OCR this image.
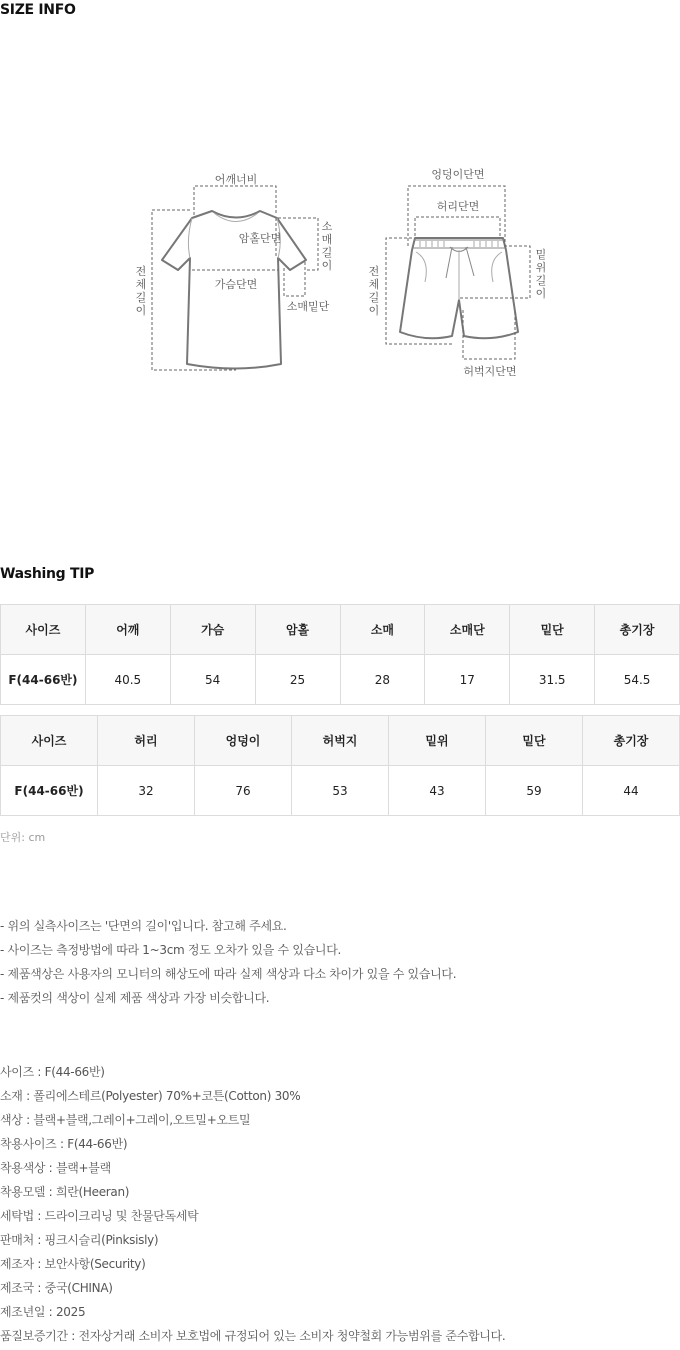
SIZE INFO
어깨너비
암홀단면
가슴단면
소매밑단
소
매
길
이
전
체
길
이
엉덩이단면
허리단면
허벅지단면
밑
위
길
이
전
체
길
이
Washing TIP
사이즈	어깨	가슴	암홀	소매	소매단	밑단	총기장
F(44-66반)	40.5	54	25	28	17	31.5	54.5
사이즈	허리	엉덩이	허벅지	밑위	밑단	총기장
F(44-66반)	32	76	53	43	59	44
단위: cm
- 위의 실측사이즈는 '단면의 길이'입니다. 참고해 주세요.
- 사이즈는 측정방법에 따라 1~3cm 정도 오차가 있을 수 있습니다.
- 제품색상은 사용자의 모니터의 해상도에 따라 실제 색상과 다소 차이가 있을 수 있습니다.
- 제품컷의 색상이 실제 제품 색상과 가장 비슷합니다.
사이즈 : F(44-66반)
소재 : 폴리에스테르(Polyester) 70%+코튼(Cotton) 30%
색상 : 블랙+블랙,그레이+그레이,오트밀+오트밀
착용사이즈 : F(44-66반)
착용색상 : 블랙+블랙
착용모델 : 희란(Heeran)
세탁법 : 드라이크리닝 및 찬물단독세탁
판매처 : 핑크시슬리(Pinksisly)
제조자 : 보안사항(Security)
제조국 : 중국(CHINA)
제조년일 : 2025
품질보증기간 : 전자상거래 소비자 보호법에 규정되어 있는 소비자 청약철회 가능범위를 준수합니다.
